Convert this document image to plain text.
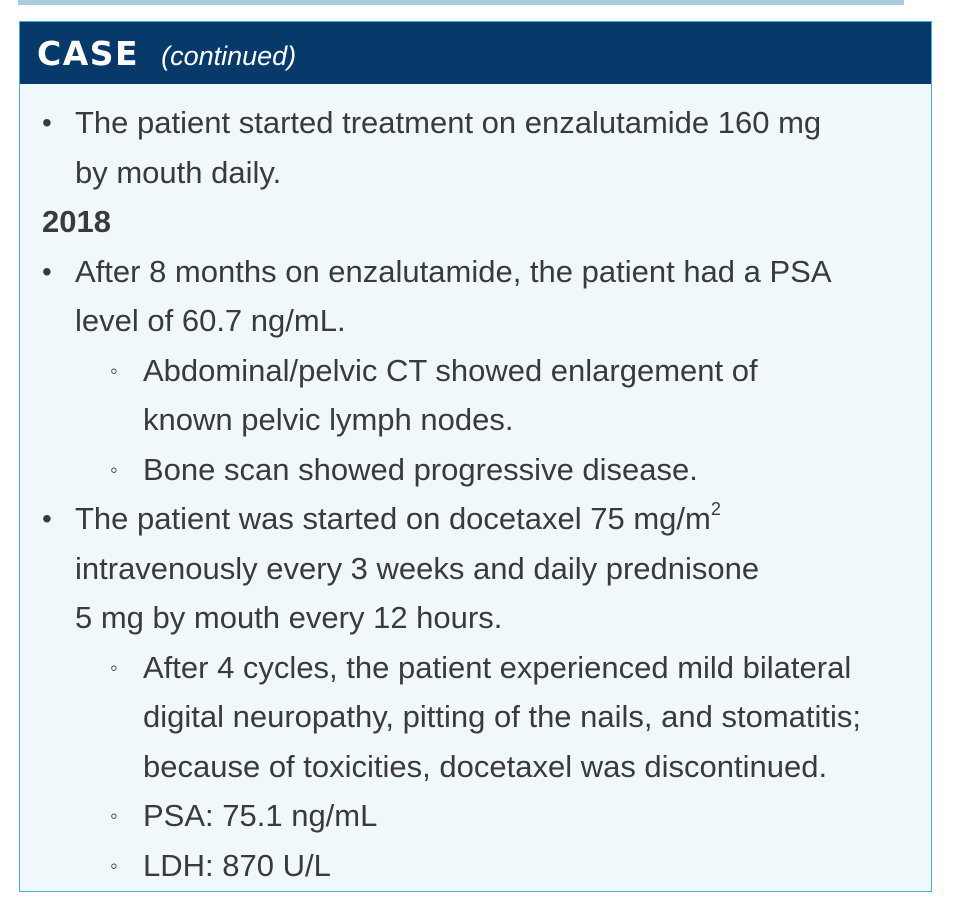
CASE (continued)
• The patient started treatment on enzalutamide 160 mg
by mouth daily.
2018
• After 8 months on enzalutamide, the patient had a PSA
level of 60.7 ng/mL.
◦ Abdominal/pelvic CT showed enlargement of
known pelvic lymph nodes.
◦ Bone scan showed progressive disease.
• The patient was started on docetaxel 75 $mg/m^2$
intravenously every 3 weeks and daily prednisone
5 mg by mouth every 12 hours.
◦ After 4 cycles, the patient experienced mild bilateral
digital neuropathy, pitting of the nails, and stomatitis;
because of toxicities, docetaxel was discontinued.
◦ PSA: 75.1 ng/mL
◦ LDH: 870 U/L
